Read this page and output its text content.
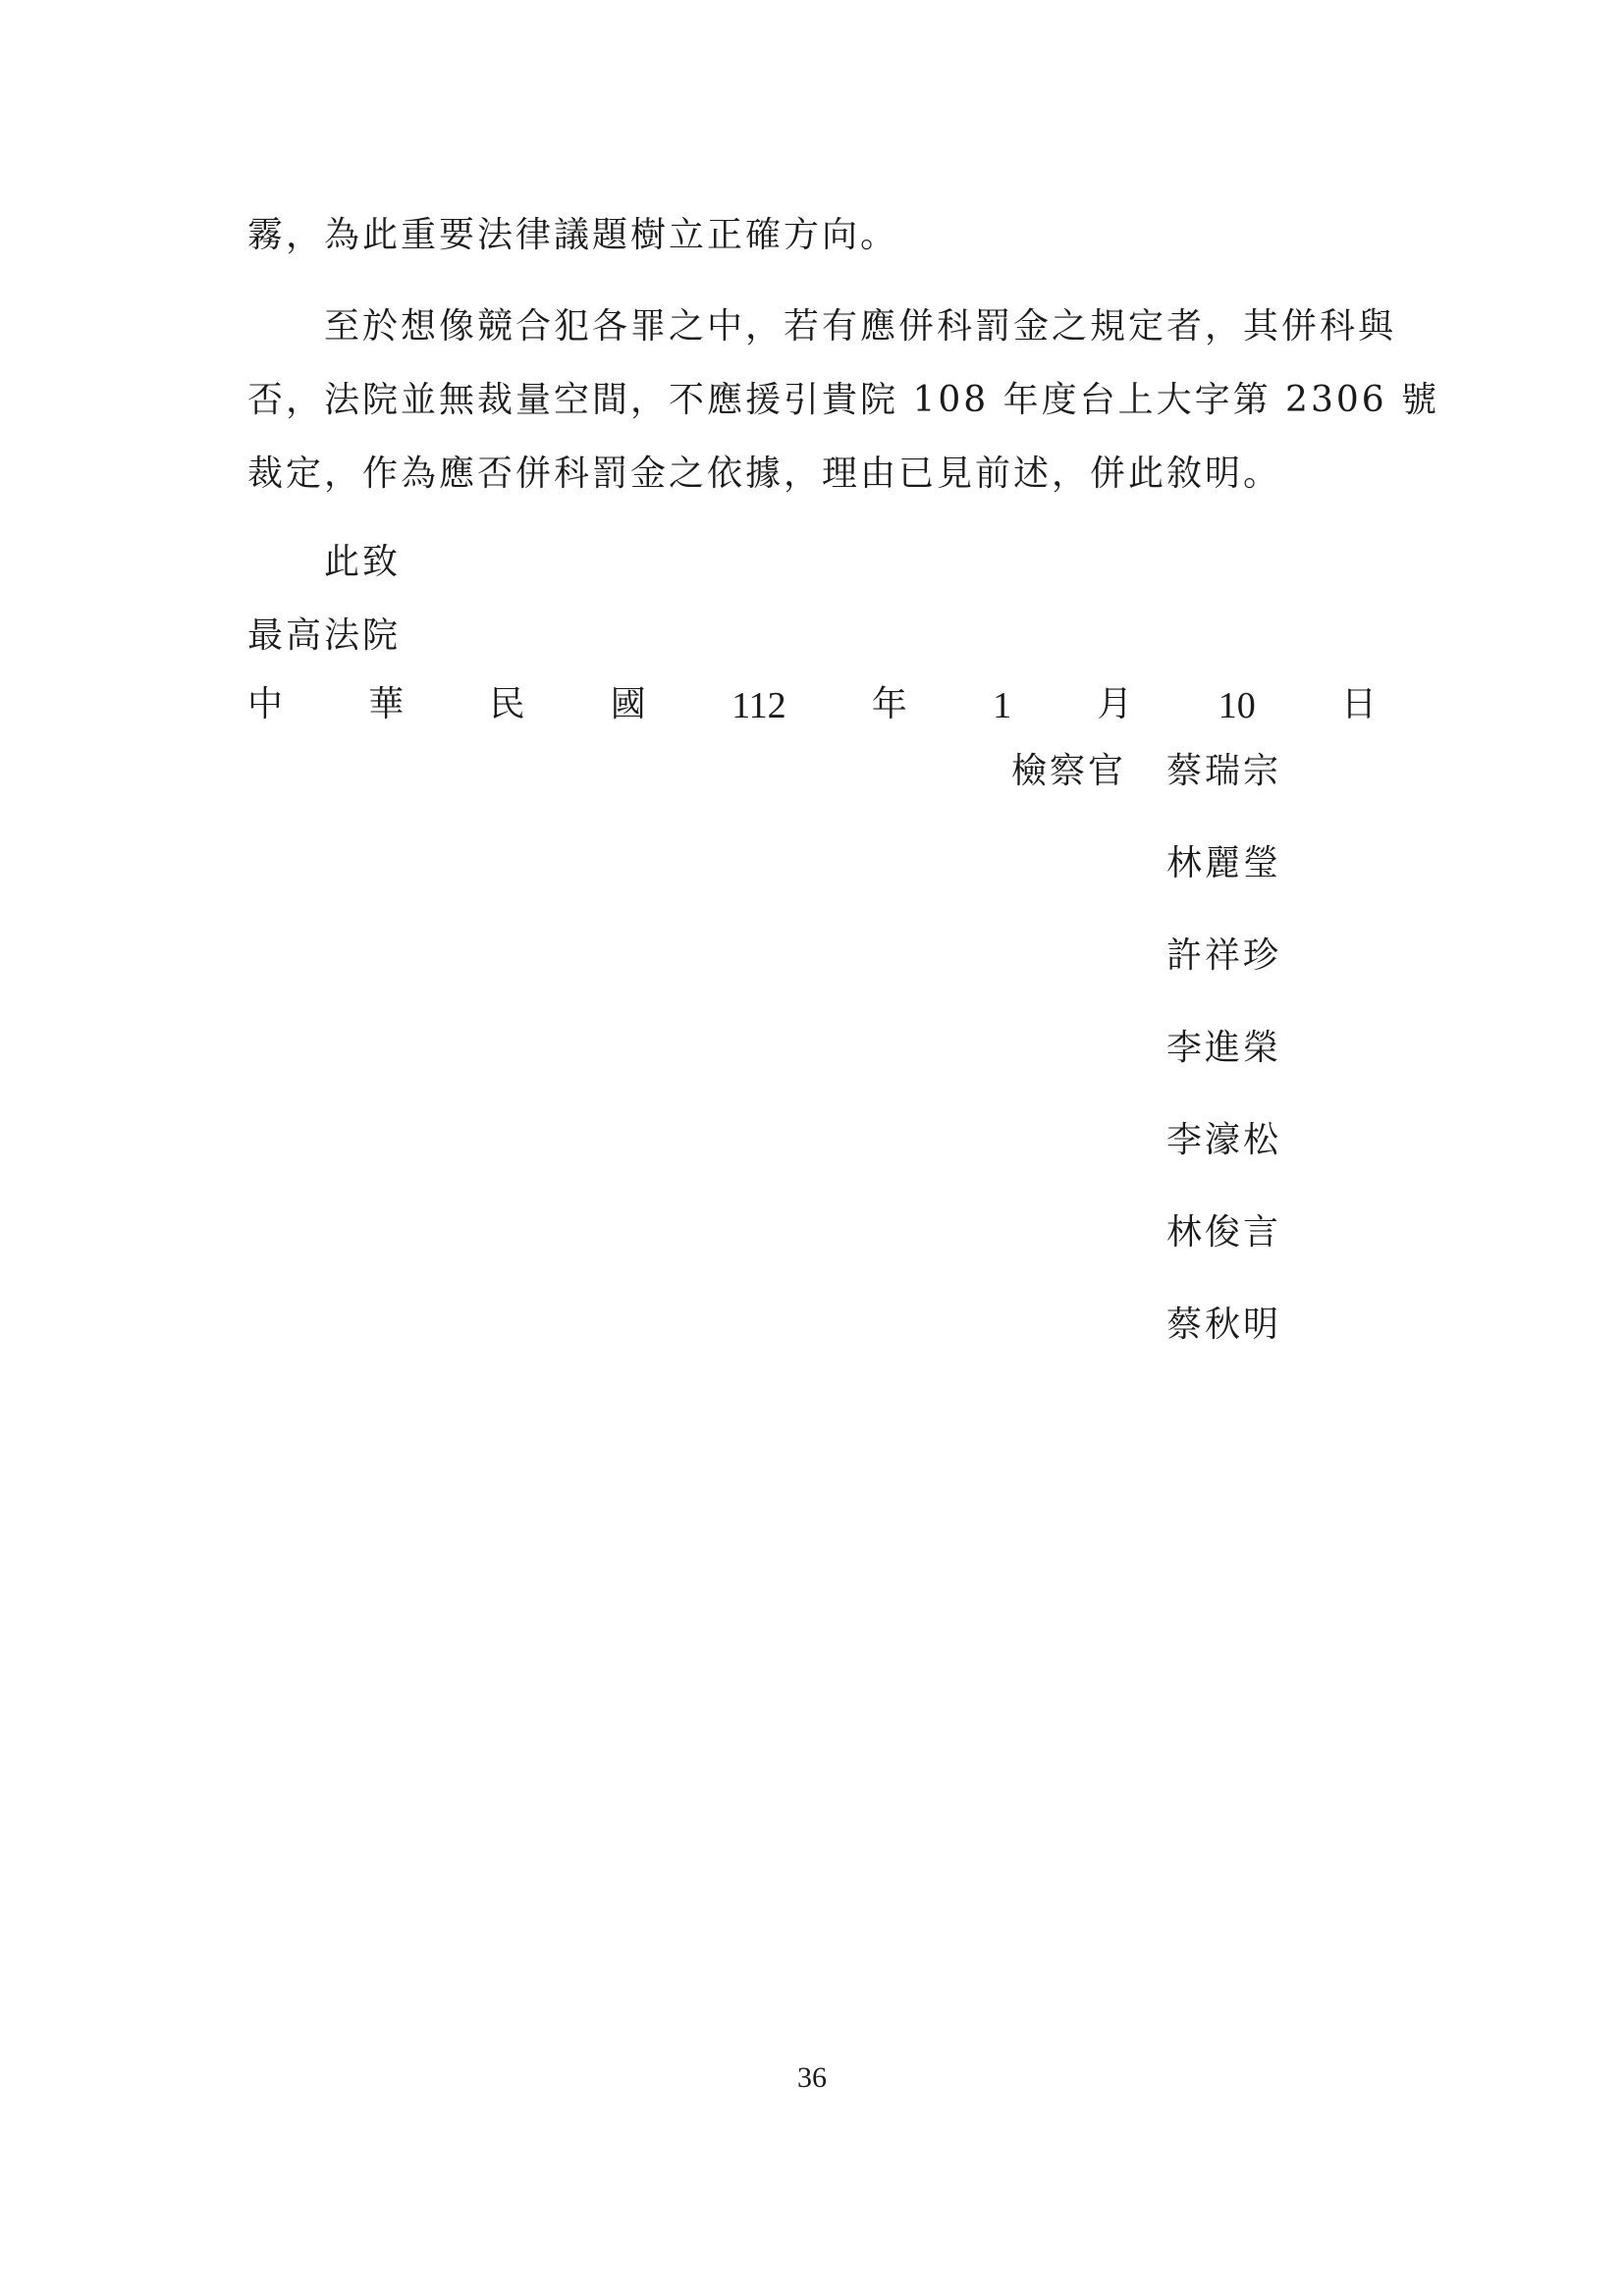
霧，為此重要法律議題樹立正確方向。
至於想像競合犯各罪之中，若有應併科罰金之規定者，其併科與
否，法院並無裁量空間，不應援引貴院 108 年度台上大字第 2306 號
裁定，作為應否併科罰金之依據，理由已見前述，併此敘明。
此致
最高法院
中 華 民 國 112 年 1 月 10 日
檢察官 蔡瑞宗
林麗瑩
許祥珍
李進榮
李濠松
林俊言
蔡秋明
36
